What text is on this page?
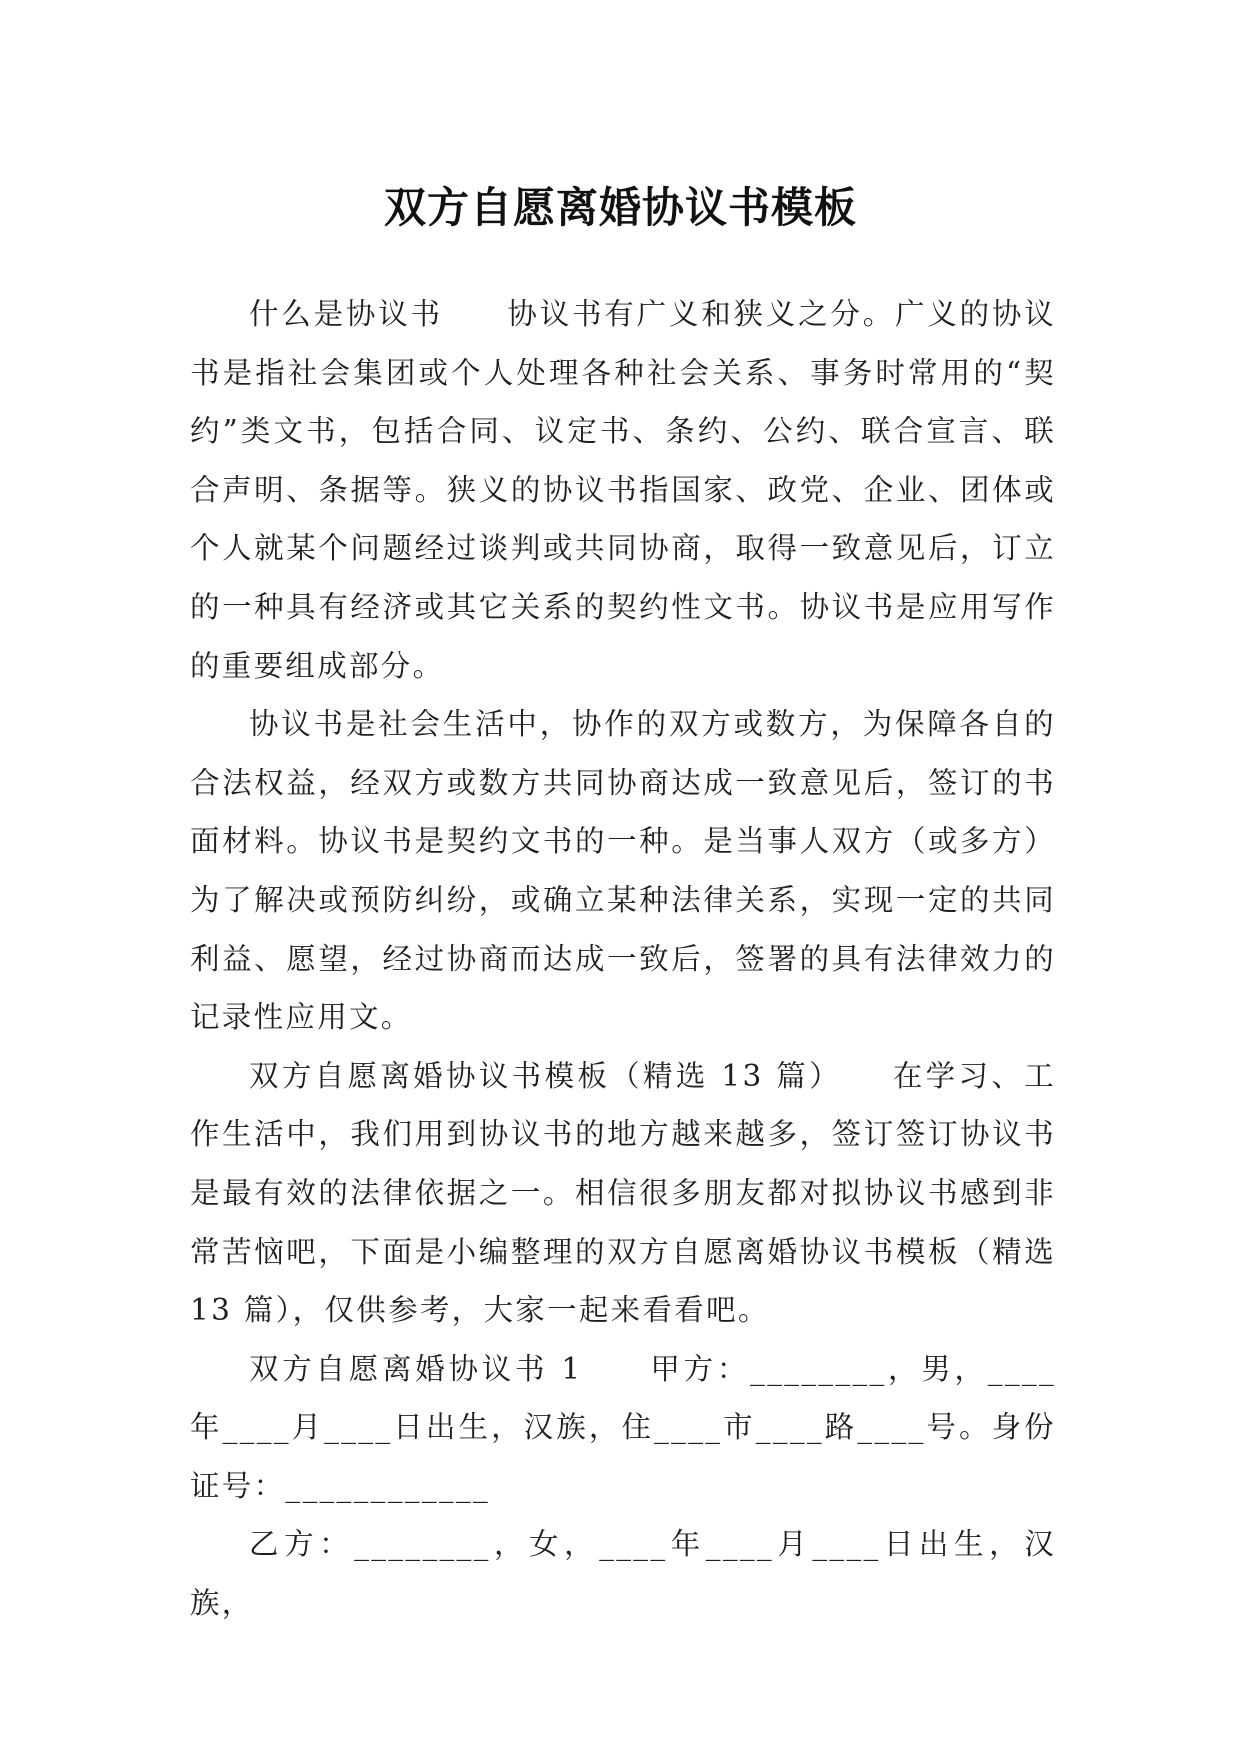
双方自愿离婚协议书模板

什么是协议书　　协议书有广义和狭义之分。广义的协议书是指社会集团或个人处理各种社会关系、事务时常用的“契约”类文书，包括合同、议定书、条约、公约、联合宣言、联合声明、条据等。狭义的协议书指国家、政党、企业、团体或个人就某个问题经过谈判或共同协商，取得一致意见后，订立的一种具有经济或其它关系的契约性文书。协议书是应用写作的重要组成部分。

协议书是社会生活中，协作的双方或数方，为保障各自的合法权益，经双方或数方共同协商达成一致意见后，签订的书面材料。协议书是契约文书的一种。是当事人双方（或多方）为了解决或预防纠纷，或确立某种法律关系，实现一定的共同利益、愿望，经过协商而达成一致后，签署的具有法律效力的记录性应用文。

双方自愿离婚协议书模板（精选 13 篇）　　在学习、工作生活中，我们用到协议书的地方越来越多，签订签订协议书是最有效的法律依据之一。相信很多朋友都对拟协议书感到非常苦恼吧，下面是小编整理的双方自愿离婚协议书模板（精选 13 篇），仅供参考，大家一起来看看吧。

双方自愿离婚协议书 1　　甲方：________，男，____年____月____日出生，汉族，住____市____路____号。身份证号：____________

乙方：________，女，____年____月____日出生，汉族，
